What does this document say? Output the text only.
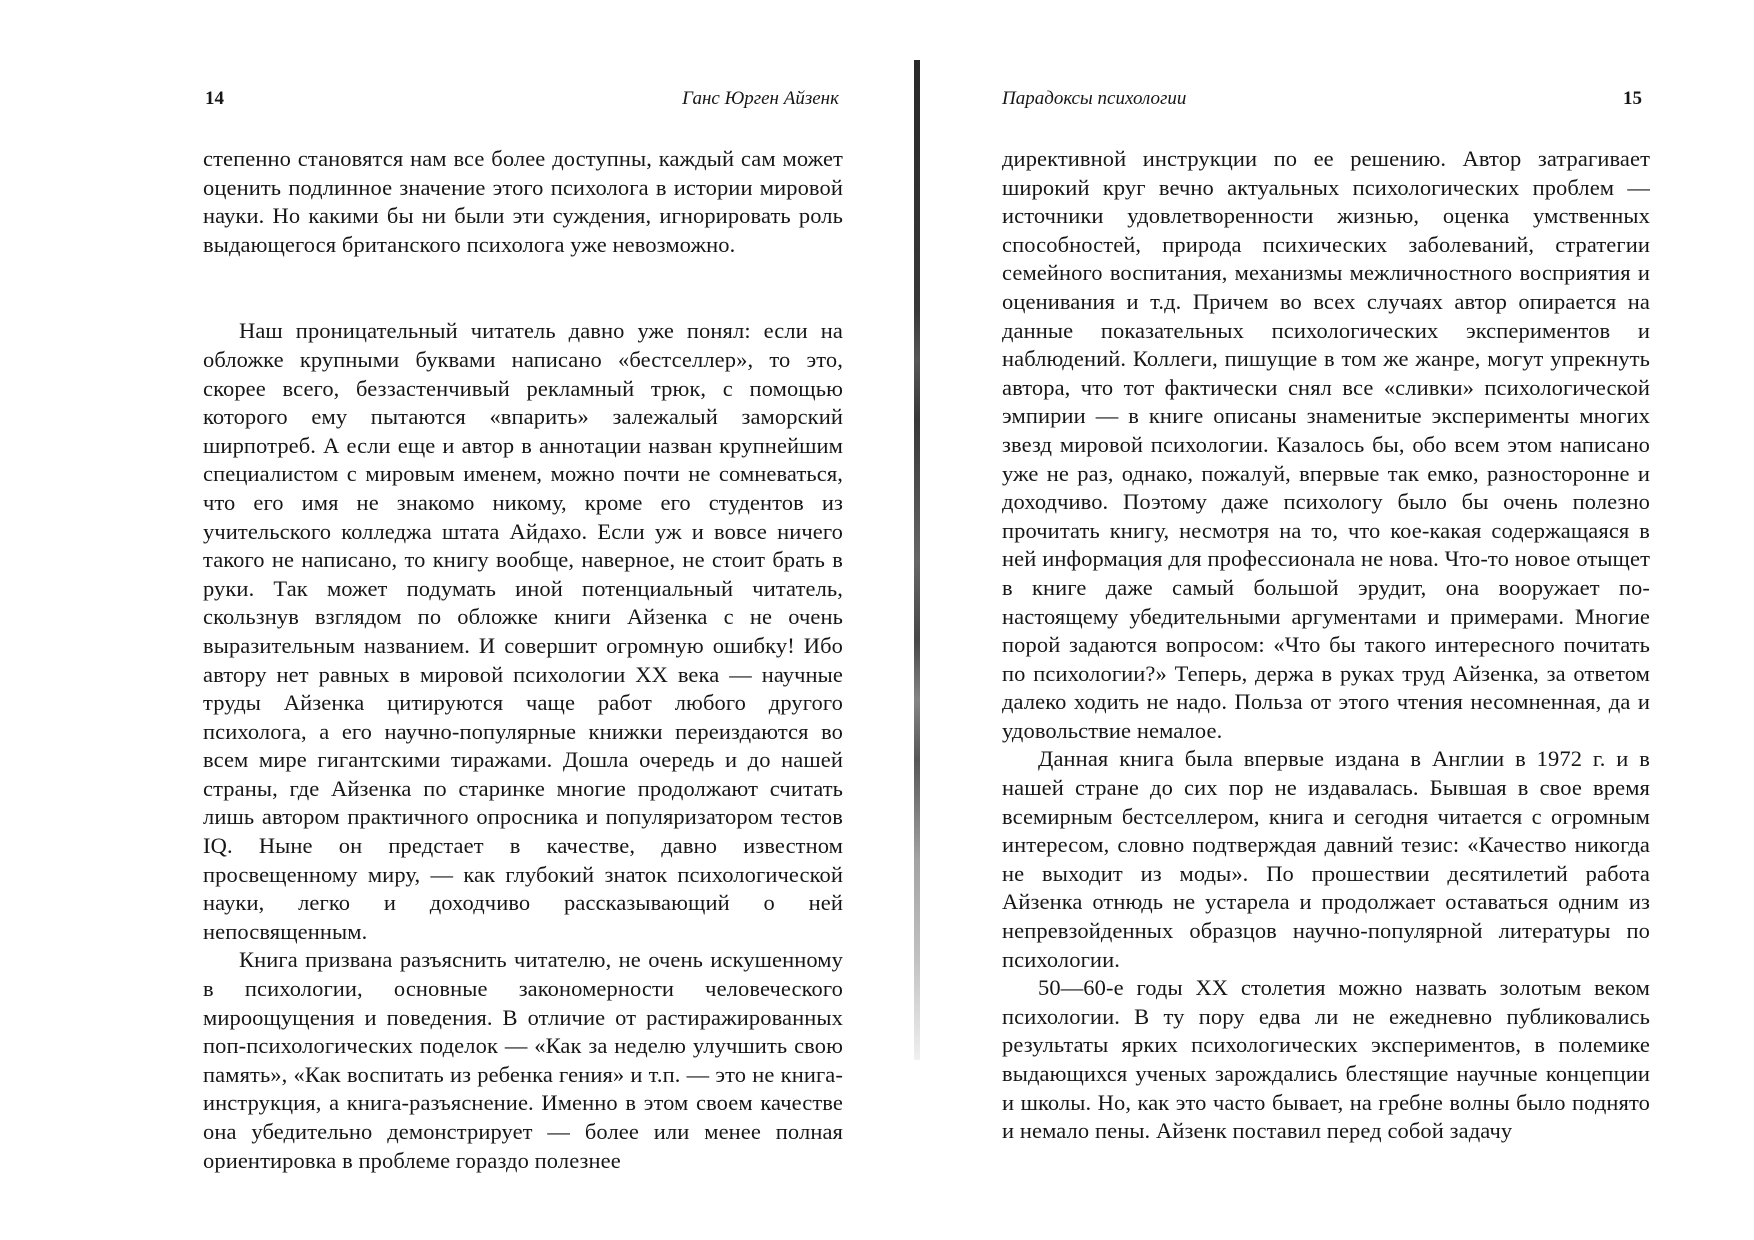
14	Ганс Юрген Айзенк

степенно становятся нам все более доступны, каждый сам может оценить подлинное значение этого психолога в истории мировой науки. Но какими бы ни были эти суждения, игнорировать роль выдающегося британского психолога уже невозможно.

Наш проницательный читатель давно уже понял: если на обложке крупными буквами написано «бестселлер», то это, скорее всего, беззастенчивый рекламный трюк, с помощью которого ему пытаются «впарить» залежалый заморский ширпотреб. А если еще и автор в аннотации назван крупнейшим специалистом с мировым именем, можно почти не сомневаться, что его имя не знакомо никому, кроме его студентов из учительского колледжа штата Айдахо. Если уж и вовсе ничего такого не написано, то книгу вообще, наверное, не стоит брать в руки. Так может подумать иной потенциальный читатель, скользнув взглядом по обложке книги Айзенка с не очень выразительным названием. И совершит огромную ошибку! Ибо автору нет равных в мировой психологии XX века — научные труды Айзенка цитируются чаще работ любого другого психолога, а его научно-популярные книжки переиздаются во всем мире гигантскими тиражами. Дошла очередь и до нашей страны, где Айзенка по старинке многие продолжают считать лишь автором практичного опросника и популяризатором тестов IQ. Ныне он предстает в качестве, давно известном просвещенному миру, — как глубокий знаток психологической науки, легко и доходчиво рассказывающий о ней непосвященным.

Книга призвана разъяснить читателю, не очень искушенному в психологии, основные закономерности человеческого мироощущения и поведения. В отличие от растиражированных поп-психологических поделок — «Как за неделю улучшить свою память», «Как воспитать из ребенка гения» и т.п. — это не книга-инструкция, а книга-разъяснение. Именно в этом своем качестве она убедительно демонстрирует — более или менее полная ориентировка в проблеме гораздо полезнее

Парадоксы психологии	15

директивной инструкции по ее решению. Автор затрагивает широкий круг вечно актуальных психологических проблем — источники удовлетворенности жизнью, оценка умственных способностей, природа психических заболеваний, стратегии семейного воспитания, механизмы межличностного восприятия и оценивания и т.д. Причем во всех случаях автор опирается на данные показательных психологических экспериментов и наблюдений. Коллеги, пишущие в том же жанре, могут упрекнуть автора, что тот фактически снял все «сливки» психологической эмпирии — в книге описаны знаменитые эксперименты многих звезд мировой психологии. Казалось бы, обо всем этом написано уже не раз, однако, пожалуй, впервые так емко, разносторонне и доходчиво. Поэтому даже психологу было бы очень полезно прочитать книгу, несмотря на то, что кое-какая содержащаяся в ней информация для профессионала не нова. Что-то новое отыщет в книге даже самый большой эрудит, она вооружает по-настоящему убедительными аргументами и примерами. Многие порой задаются вопросом: «Что бы такого интересного почитать по психологии?» Теперь, держа в руках труд Айзенка, за ответом далеко ходить не надо. Польза от этого чтения несомненная, да и удовольствие немалое.

Данная книга была впервые издана в Англии в 1972 г. и в нашей стране до сих пор не издавалась. Бывшая в свое время всемирным бестселлером, книга и сегодня читается с огромным интересом, словно подтверждая давний тезис: «Качество никогда не выходит из моды». По прошествии десятилетий работа Айзенка отнюдь не устарела и продолжает оставаться одним из непревзойденных образцов научно-популярной литературы по психологии.

50—60-е годы XX столетия можно назвать золотым веком психологии. В ту пору едва ли не ежедневно публиковались результаты ярких психологических экспериментов, в полемике выдающихся ученых зарождались блестящие научные концепции и школы. Но, как это часто бывает, на гребне волны было поднято и немало пены. Айзенк поставил перед собой задачу
